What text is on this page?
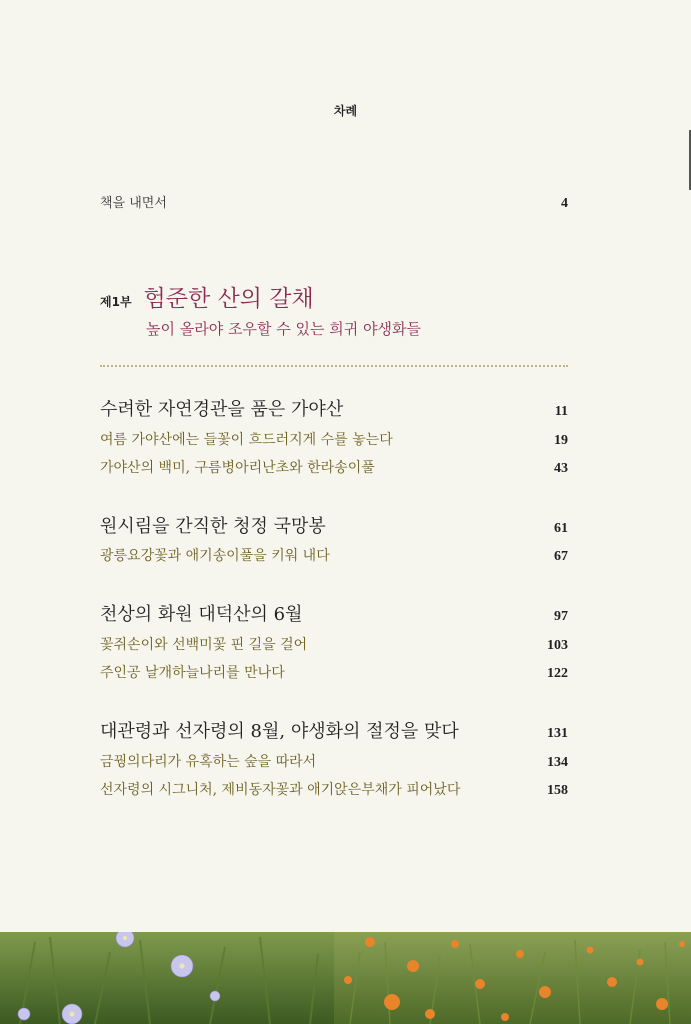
차례
책을 내면서	4
제1부 험준한 산의 갈채
높이 올라야 조우할 수 있는 희귀 야생화들
수려한 자연경관을 품은 가야산	11
여름 가야산에는 들꽃이 흐드러지게 수를 놓는다	19
가야산의 백미, 구름병아리난초와 한라송이풀	43
원시림을 간직한 청정 국망봉	61
광릉요강꽃과 애기송이풀을 키워 내다	67
천상의 화원 대덕산의 6월	97
꽃쥐손이와 선백미꽃 핀 길을 걸어	103
주인공 날개하늘나리를 만나다	122
대관령과 선자령의 8월, 야생화의 절정을 맞다	131
금꿩의다리가 유혹하는 숲을 따라서	134
선자령의 시그니처, 제비동자꽃과 애기앉은부채가 피어났다	158
